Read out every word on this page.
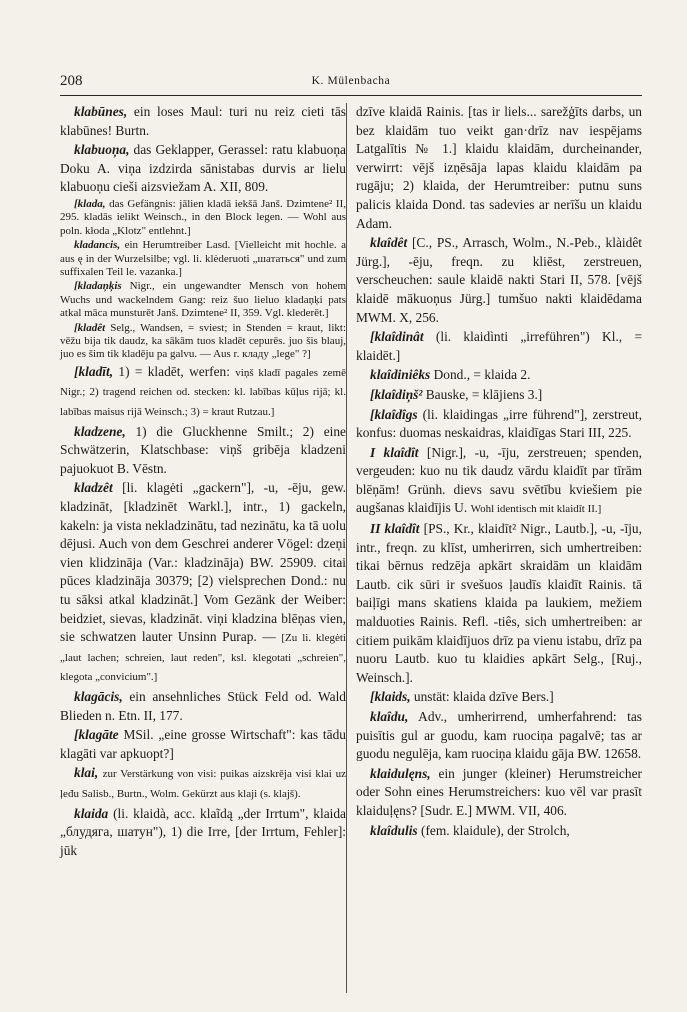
208	K. Mülenbacha

klabūnes, ein loses Maul: turi nu reiz cieti tās klabūnes! Burtn.

klabuoņa, das Geklapper, Gerassel: ratu klabuoņa Doku A. viņa izdzirda sānistabas durvis ar lielu klabuoņu cieši aizsviežam A. XII, 809.

[klada, das Gefängnis: jālien kladā iekšā Janš. Dzimtene² II, 295. kladās ielikt Weinsch., in den Block legen. — Wohl aus poln. kłoda „Klotz" entlehnt.]

kladancis, ein Herumtreiber Lasd. [Vielleicht mit hochle. a aus ę in der Wurzelsilbe; vgl. li. klėderuoti „шататься" und zum suffixalen Teil le. vazanka.]

[kladaņķis Nigr., ein ungewandter Mensch von hohem Wuchs und wackelndem Gang: reiz šuo lieluo kladaņķi pats atkal māca munsturēt Janš. Dzimtene² II, 359. Vgl. klederēt.]

[kladêt Selg., Wandsen, = sviest; in Stenden = kraut, likt: vēžu bija tik daudz, ka sākām tuos kladēt cepurēs. juo šis blauj, juo es šim tik kladēju pa galvu. — Aus r. кладу „lege" ?]

[kladīt, 1) = kladēt, werfen: viņš kladī pagales zemē Nigr.; 2) tragend reichen od. stecken: kl. labības kūļus rijā; kl. labības maisus rijā Weinsch.; 3) = kraut Rutzau.]

kladzene, 1) die Gluckhenne Smilt.; 2) eine Schwätzerin, Klatschbase: viņš gribēja kladzeni pajuokuot B. Vēstn.

kladzêt [li. klagėti „gackern"], -u, -ēju, gew. kladzināt, [kladzinēt Warkl.], intr., 1) gackeln, kakeln: ja vista nekladzinātu, tad nezinātu, ka tā uolu dējusi. Auch von dem Geschrei anderer Vögel: dzeņi vien klidzināja (Var.: kladzināja) BW. 25909. citai pūces kladzināja 30379; [2) vielsprechen Dond.: nu tu sāksi atkal kladzināt.] Vom Gezänk der Weiber: beidziet, sievas, kladzināt. viņi kladzina blēņas vien, sie schwatzen lauter Unsinn Purap. — [Zu li. klegėti „laut lachen; schreien, laut reden", ksl. klegotati „schreien", klegota „convicium".]

klagācis, ein ansehnliches Stück Feld od. Wald Blieden n. Etn. II, 177.

[klagāte MSil. „eine grosse Wirtschaft": kas tādu klagāti var apkuopt?]

klai, zur Verstärkung von visi: puikas aizskrēja visi klai uz ļeđu Salisb., Burtn., Wolm. Gekürzt aus klaji (s. klajš).

klaida (li. klaidà, acc. klaĩdą „der Irrtum", klaida „блудяга, шатун"), 1) die Irre, [der Irrtum, Fehler]: jūk

dzīve klaidā Rainis. [tas ir liels... sarežģīts darbs, un bez klaidām tuo veikt gan·drīz nav iespējams Latgalītis № 1.] klaidu klaidām, durcheinander, verwirrt: vējš izņēsāja lapas klaidu klaidām pa rugāju; 2) klaida, der Herumtreiber: putnu suns palicis klaida Dond. tas sadevies ar nerīšu un klaidu Adam.

klaîdêt [C., PS., Arrasch, Wolm., N.-Peb., klàidêt Jürg.], -ēju, freqn. zu kliēst, zerstreuen, verscheuchen: saule klaidē nakti Stari II, 578. [vējš klaidē mākuoņus Jürg.] tumšuo nakti klaidēdama MWM. X, 256.

[klaîdinât (li. klaidìnti „irreführen") Kl., = klaidēt.]

klaîdiniêks Dond., = klaida 2.

[klaîdiņš² Bauske, = klājiens 3.]

[klaîdîgs (li. klaidingas „irre führend"], zerstreut, konfus: duomas neskaidras, klaidīgas Stari III, 225.

I klaîdît [Nigr.], -u, -īju, zerstreuen; spenden, vergeuden: kuo nu tik daudz vārdu klaidīt par tīrām blēņām! Grünh. dievs savu svētību kviešiem pie augšanas klaidījis U. Wohl identisch mit klaidīt II.]

II klaîdît [PS., Kr., klaidīt² Nigr., Lautb.], -u, -īju, intr., freqn. zu klīst, umherirren, sich umhertreiben: tikai bērnus redzēja apkārt skraidām un klaidām Lautb. cik sūri ir svešuos ļaudīs klaidīt Rainis. tā baiļīgi mans skatiens klaida pa laukiem, mežiem malduoties Rainis. Refl. -tiês, sich umhertreiben: ar citiem puikām klaidījuos drīz pa vienu istabu, drīz pa nuoru Lautb. kuo tu klaidies apkārt Selg., [Ruj., Weinsch.].

[klaids, unstät: klaida dzīve Bers.]

klaîdu, Adv., umherirrend, umherfahrend: tas puisītis gul ar guodu, kam ruociņa pagalvē; tas ar guodu negulēja, kam ruociņa klaidu gāja BW. 12658.

klaidulęns, ein junger (kleiner) Herumstreicher oder Sohn eines Herumstreichers: kuo vēl var prasīt klaiduļęns? [Sudr. E.] MWM. VII, 406.

klaîdulis (fem. klaidule), der Strolch,
